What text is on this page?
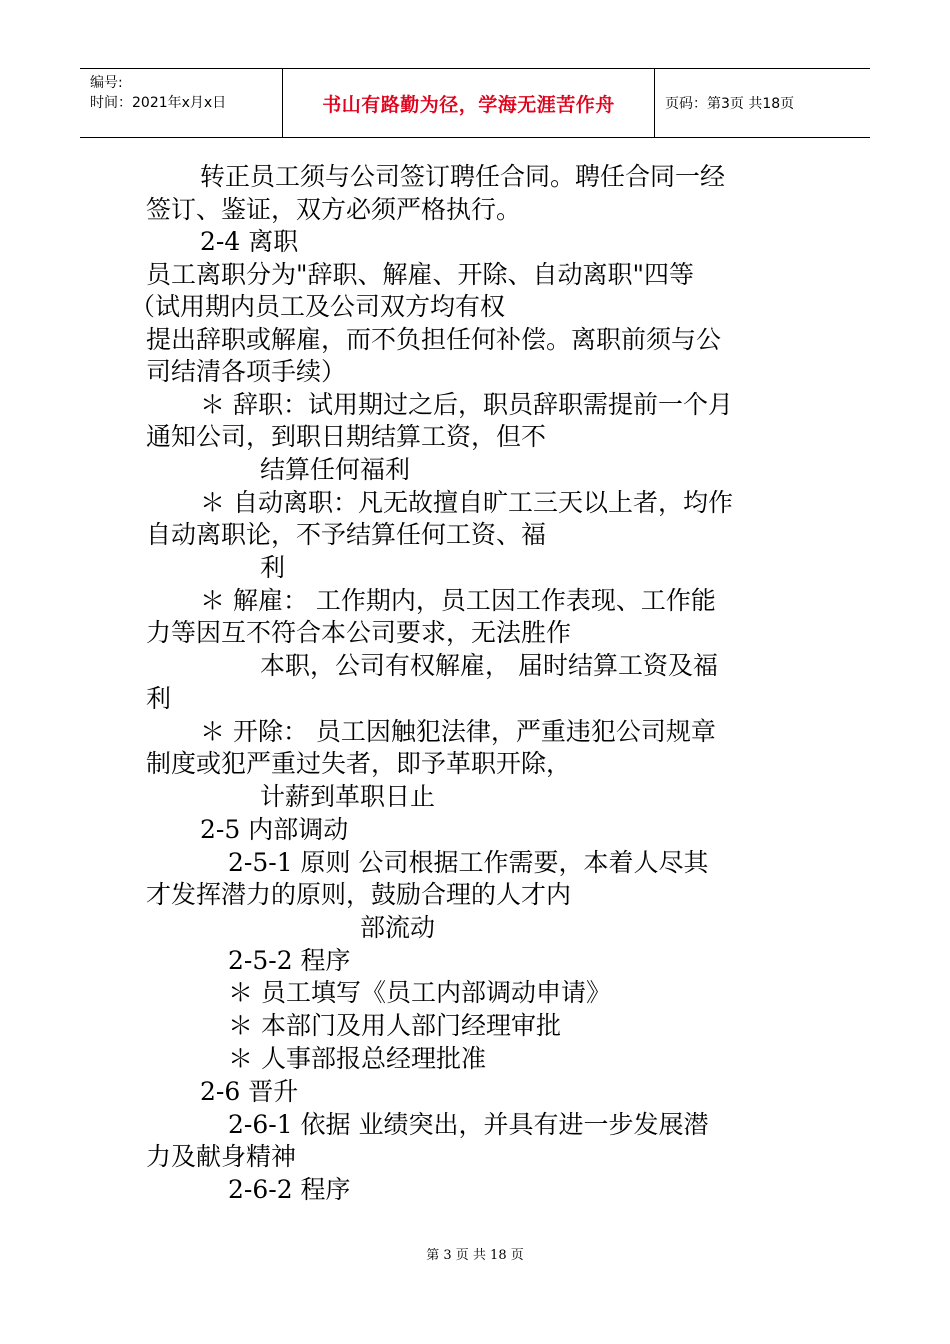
编号:
时间：2021年x月x日	书山有路勤为径，学海无涯苦作舟	页码：第3页 共18页
转正员工须与公司签订聘任合同。聘任合同一经
签订、鉴证，双方必须严格执行。
2-4 离职
员工离职分为"辞职、解雇、开除、自动离职"四等
（试用期内员工及公司双方均有权
提出辞职或解雇，而不负担任何补偿。离职前须与公
司结清各项手续）
＊ 辞职：试用期过之后，职员辞职需提前一个月
通知公司，到职日期结算工资，但不
结算任何福利
＊ 自动离职：凡无故擅自旷工三天以上者，均作
自动离职论，不予结算任何工资、福
利
＊ 解雇： 工作期内，员工因工作表现、工作能
力等因互不符合本公司要求，无法胜作
本职，公司有权解雇， 届时结算工资及福
利
＊ 开除： 员工因触犯法律，严重违犯公司规章
制度或犯严重过失者，即予革职开除，
计薪到革职日止
2-5 内部调动
2-5-1 原则 公司根据工作需要，本着人尽其
才发挥潜力的原则，鼓励合理的人才内
部流动
2-5-2 程序
＊ 员工填写《员工内部调动申请》
＊ 本部门及用人部门经理审批
＊ 人事部报总经理批准
2-6 晋升
2-6-1 依据 业绩突出，并具有进一步发展潜
力及献身精神
2-6-2 程序
第 3 页 共 18 页
